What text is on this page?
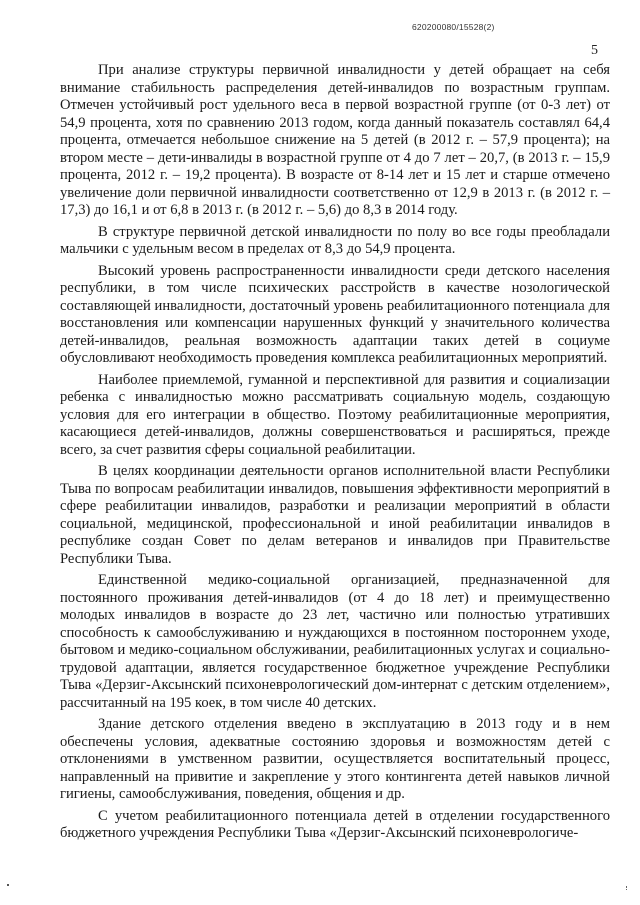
620200080/15528(2)
5

При анализе структуры первичной инвалидности у детей обращает на себя внимание стабильность распределения детей-инвалидов по возрастным группам. Отмечен устойчивый рост удельного веса в первой возрастной группе (от 0-3 лет) от 54,9 процента, хотя по сравнению 2013 годом, когда данный показатель составлял 64,4 процента, отмечается небольшое снижение на 5 детей (в 2012 г. – 57,9 процента); на втором месте – дети-инвалиды в возрастной группе от 4 до 7 лет – 20,7, (в 2013 г. – 15,9 процента, 2012 г. – 19,2 процента). В возрасте от 8-14 лет и 15 лет и старше отмечено увеличение доли первичной инвалидности соответственно от 12,9 в 2013 г. (в 2012 г. – 17,3) до 16,1 и от 6,8 в 2013 г. (в 2012 г. – 5,6) до 8,3 в 2014 году.

В структуре первичной детской инвалидности по полу во все годы преобладали мальчики с удельным весом в пределах от 8,3 до 54,9 процента.

Высокий уровень распространенности инвалидности среди детского населения республики, в том числе психических расстройств в качестве нозологической составляющей инвалидности, достаточный уровень реабилитационного потенциала для восстановления или компенсации нарушенных функций у значительного количества детей-инвалидов, реальная возможность адаптации таких детей в социуме обусловливают необходимость проведения комплекса реабилитационных мероприятий.

Наиболее приемлемой, гуманной и перспективной для развития и социализации ребенка с инвалидностью можно рассматривать социальную модель, создающую условия для его интеграции в общество. Поэтому реабилитационные мероприятия, касающиеся детей-инвалидов, должны совершенствоваться и расширяться, прежде всего, за счет развития сферы социальной реабилитации.

В целях координации деятельности органов исполнительной власти Республики Тыва по вопросам реабилитации инвалидов, повышения эффективности мероприятий в сфере реабилитации инвалидов, разработки и реализации мероприятий в области социальной, медицинской, профессиональной и иной реабилитации инвалидов в республике создан Совет по делам ветеранов и инвалидов при Правительстве Республики Тыва.

Единственной медико-социальной организацией, предназначенной для постоянного проживания детей-инвалидов (от 4 до 18 лет) и преимущественно молодых инвалидов в возрасте до 23 лет, частично или полностью утративших способность к самообслуживанию и нуждающихся в постоянном постороннем уходе, бытовом и медико-социальном обслуживании, реабилитационных услугах и социально-трудовой адаптации, является государственное бюджетное учреждение Республики Тыва «Дерзиг-Аксынский психоневрологический дом-интернат с детским отделением», рассчитанный на 195 коек, в том числе 40 детских.

Здание детского отделения введено в эксплуатацию в 2013 году и в нем обеспечены условия, адекватные состоянию здоровья и возможностям детей с отклонениями в умственном развитии, осуществляется воспитательный процесс, направленный на привитие и закрепление у этого контингента детей навыков личной гигиены, самообслуживания, поведения, общения и др.

С учетом реабилитационного потенциала детей в отделении государственного бюджетного учреждения Республики Тыва «Дерзиг-Аксынский психоневрологиче-
